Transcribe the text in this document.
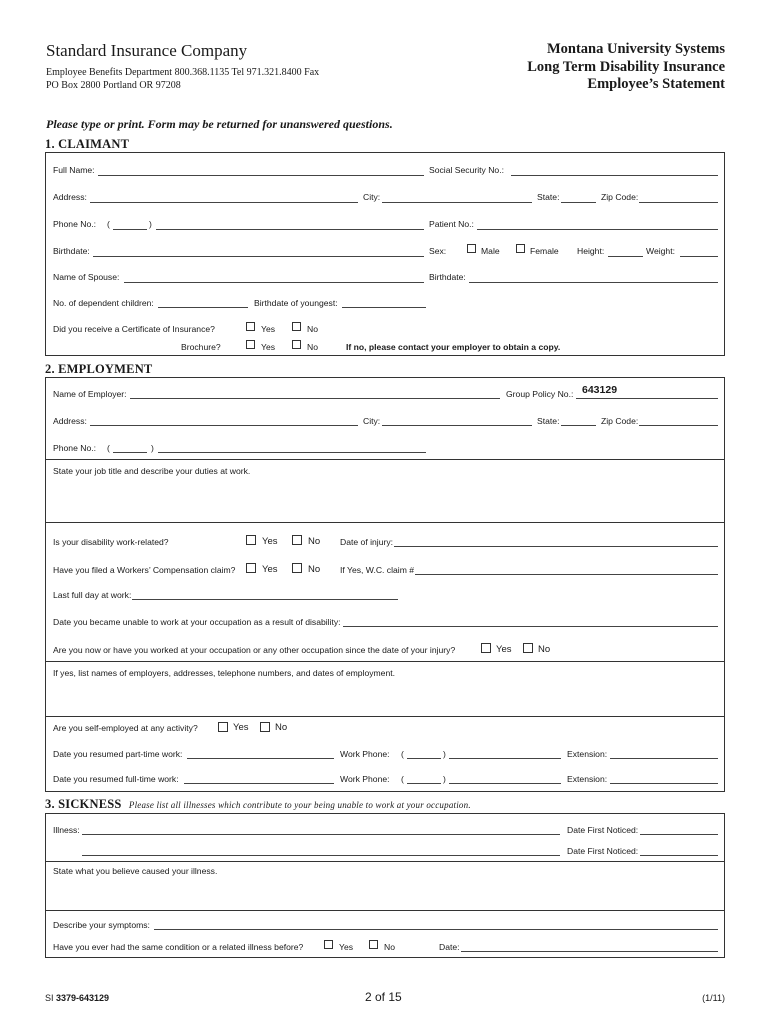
Standard Insurance Company
Employee Benefits Department 800.368.1135 Tel 971.321.8400 Fax
PO Box 2800 Portland OR 97208
Montana University Systems
Long Term Disability Insurance
Employee’s Statement
Please type or print. Form may be returned for unanswered questions.
1. CLAIMANT
Full Name:	Social Security No.:
Address:	City:	State:	Zip Code:
Phone No.: (	)	Patient No.:
Birthdate:	Sex:	Male	Female Height:	Weight:
Name of Spouse:	Birthdate:
No. of dependent children:	Birthdate of youngest:
Did you receive a Certificate of Insurance?	Yes	No
Brochure?	Yes	No	If no, please contact your employer to obtain a copy.
2. EMPLOYMENT
Name of Employer:	Group Policy No.: 643129
Address:	City:	State:	Zip Code:
Phone No.: (	)
State your job title and describe your duties at work.
Is your disability work-related?	Yes	No Date of injury:
Have you filed a Workers’ Compensation claim?	Yes	No If Yes, W.C. claim #
Last full day at work:
Date you became unable to work at your occupation as a result of disability:
Are you now or have you worked at your occupation or any other occupation since the date of your injury?	Yes	No
If yes, list names of employers, addresses, telephone numbers, and dates of employment.
Are you self-employed at any activity?	Yes	No
Date you resumed part-time work:	Work Phone: (	)	Extension:
Date you resumed full-time work:	Work Phone: (	)	Extension:
3. SICKNESS Please list all illnesses which contribute to your being unable to work at your occupation.
Illness:	Date First Noticed:
Date First Noticed:
State what you believe caused your illness.
Describe your symptoms:
Have you ever had the same condition or a related illness before?	Yes	No	Date:
SI 3379-643129	2 of 15	(1/11)
